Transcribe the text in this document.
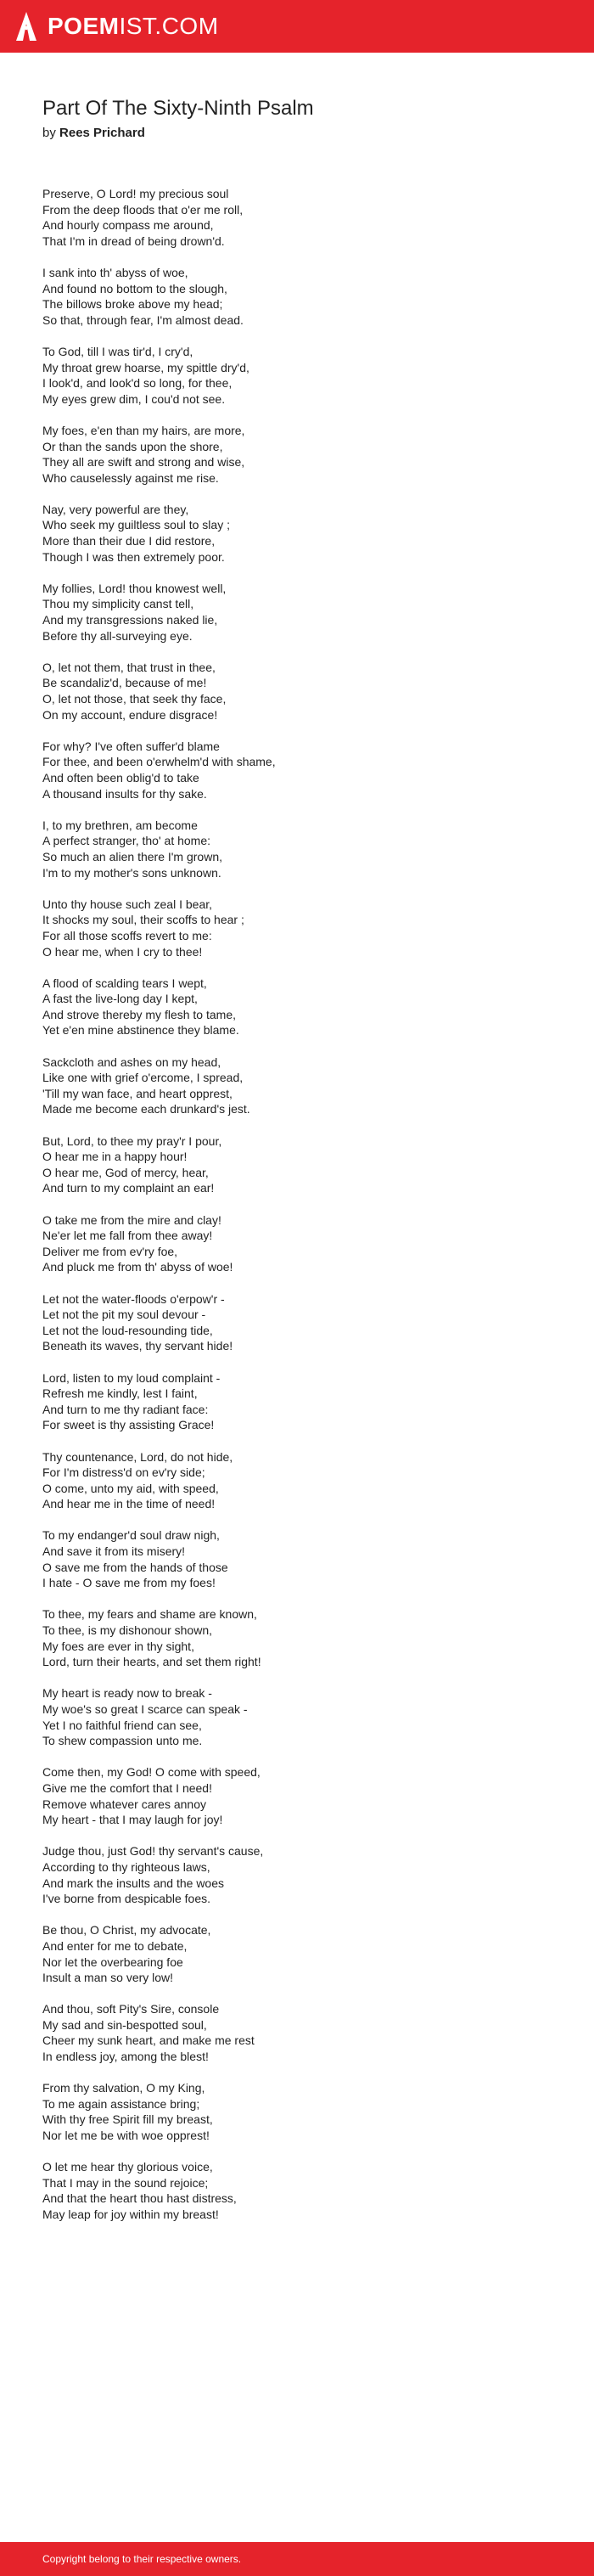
POEMIST.COM
Part Of The Sixty-Ninth Psalm
by Rees Prichard
Preserve, O Lord! my precious soul
From the deep floods that o'er me roll,
And hourly compass me around,
That I'm in dread of being drown'd.
I sank into th' abyss of woe,
And found no bottom to the slough,
The billows broke above my head;
So that, through fear, I'm almost dead.
To God, till I was tir'd, I cry'd,
My throat grew hoarse, my spittle dry'd,
I look'd, and look'd so long, for thee,
My eyes grew dim, I cou'd not see.
My foes, e'en than my hairs, are more,
Or than the sands upon the shore,
They all are swift and strong and wise,
Who causelessly against me rise.
Nay, very powerful are they,
Who seek my guiltless soul to slay ;
More than their due I did restore,
Though I was then extremely poor.
My follies, Lord! thou knowest well,
Thou my simplicity canst tell,
And my transgressions naked lie,
Before thy all-surveying eye.
O, let not them, that trust in thee,
Be scandaliz'd, because of me!
O, let not those, that seek thy face,
On my account, endure disgrace!
For why? I've often suffer'd blame
For thee, and been o'erwhelm'd with shame,
And often been oblig'd to take
A thousand insults for thy sake.
I, to my brethren, am become
A perfect stranger, tho' at home:
So much an alien there I'm grown,
I'm to my mother's sons unknown.
Unto thy house such zeal I bear,
It shocks my soul, their scoffs to hear ;
For all those scoffs revert to me:
O hear me, when I cry to thee!
A flood of scalding tears I wept,
A fast the live-long day I kept,
And strove thereby my flesh to tame,
Yet e'en mine abstinence they blame.
Sackcloth and ashes on my head,
Like one with grief o'ercome, I spread,
'Till my wan face, and heart opprest,
Made me become each drunkard's jest.
But, Lord, to thee my pray'r I pour,
O hear me in a happy hour!
O hear me, God of mercy, hear,
And turn to my complaint an ear!
O take me from the mire and clay!
Ne'er let me fall from thee away!
Deliver me from ev'ry foe,
And pluck me from th' abyss of woe!
Let not the water-floods o'erpow'r -
Let not the pit my soul devour -
Let not the loud-resounding tide,
Beneath its waves, thy servant hide!
Lord, listen to my loud complaint -
Refresh me kindly, lest I faint,
And turn to me thy radiant face:
For sweet is thy assisting Grace!
Thy countenance, Lord, do not hide,
For I'm distress'd on ev'ry side;
O come, unto my aid, with speed,
And hear me in the time of need!
To my endanger'd soul draw nigh,
And save it from its misery!
O save me from the hands of those
I hate - O save me from my foes!
To thee, my fears and shame are known,
To thee, is my dishonour shown,
My foes are ever in thy sight,
Lord, turn their hearts, and set them right!
My heart is ready now to break -
My woe's so great I scarce can speak -
Yet I no faithful friend can see,
To shew compassion unto me.
Come then, my God! O come with speed,
Give me the comfort that I need!
Remove whatever cares annoy
My heart - that I may laugh for joy!
Judge thou, just God! thy servant's cause,
According to thy righteous laws,
And mark the insults and the woes
I've borne from despicable foes.
Be thou, O Christ, my advocate,
And enter for me to debate,
Nor let the overbearing foe
Insult a man so very low!
And thou, soft Pity's Sire, console
My sad and sin-bespotted soul,
Cheer my sunk heart, and make me rest
In endless joy, among the blest!
From thy salvation, O my King,
To me again assistance bring;
With thy free Spirit fill my breast,
Nor let me be with woe opprest!
O let me hear thy glorious voice,
That I may in the sound rejoice;
And that the heart thou hast distress,
May leap for joy within my breast!
Copyright belong to their respective owners.
